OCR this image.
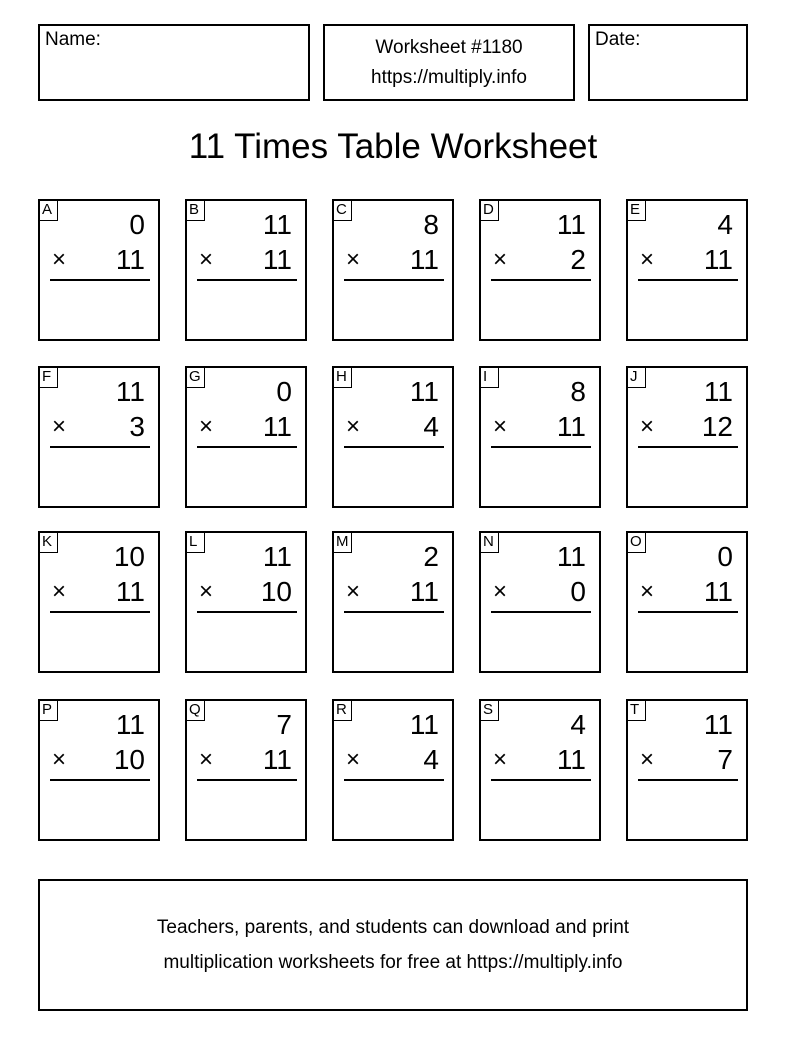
Name:	Worksheet #1180
https://multiply.info
Date:
11 Times Table Worksheet
A	0
× 11
B 11
× 11
C	8
× 11
D 11
× 2
E	4
× 11
F 11
× 3
G	0
× 11
H 11
× 4
I	8
× 11
J	11
× 12
K 10
× 11
L 11
× 10
M	2
× 11
N 11
× 0
O	0
× 11
P 11
× 10
Q	7
× 11
R 11
× 4
S	4
× 11
T 11
× 7
Teachers, parents, and students can download and print
multiplication worksheets for free at https://multiply.info
